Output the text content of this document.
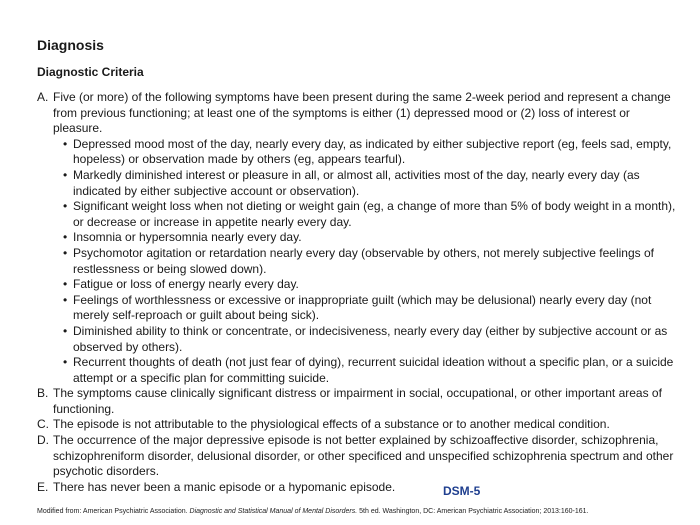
Diagnosis
Diagnostic Criteria
A. Five (or more) of the following symptoms have been present during the same 2-week period and represent a change from previous functioning; at least one of the symptoms is either (1) depressed mood or (2) loss of interest or pleasure.
• Depressed mood most of the day, nearly every day, as indicated by either subjective report (eg, feels sad, empty, hopeless) or observation made by others (eg, appears tearful).
• Markedly diminished interest or pleasure in all, or almost all, activities most of the day, nearly every day (as indicated by either subjective account or observation).
• Significant weight loss when not dieting or weight gain (eg, a change of more than 5% of body weight in a month), or decrease or increase in appetite nearly every day.
• Insomnia or hypersomnia nearly every day.
• Psychomotor agitation or retardation nearly every day (observable by others, not merely subjective feelings of restlessness or being slowed down).
• Fatigue or loss of energy nearly every day.
• Feelings of worthlessness or excessive or inappropriate guilt (which may be delusional) nearly every day (not merely self-reproach or guilt about being sick).
• Diminished ability to think or concentrate, or indecisiveness, nearly every day (either by subjective account or as observed by others).
• Recurrent thoughts of death (not just fear of dying), recurrent suicidal ideation without a specific plan, or a suicide attempt or a specific plan for committing suicide.
B. The symptoms cause clinically significant distress or impairment in social, occupational, or other important areas of functioning.
C. The episode is not attributable to the physiological effects of a substance or to another medical condition.
D. The occurrence of the major depressive episode is not better explained by schizoaffective disorder, schizophrenia, schizophreniform disorder, delusional disorder, or other specificed and unspecified schizophrenia spectrum and other psychotic disorders.
E. There has never been a manic episode or a hypomanic episode.	DSM-5
Modified from: American Psychiatric Association. Diagnostic and Statistical Manual of Mental Disorders. 5th ed. Washington, DC: American Psychiatric Association; 2013:160-161.
